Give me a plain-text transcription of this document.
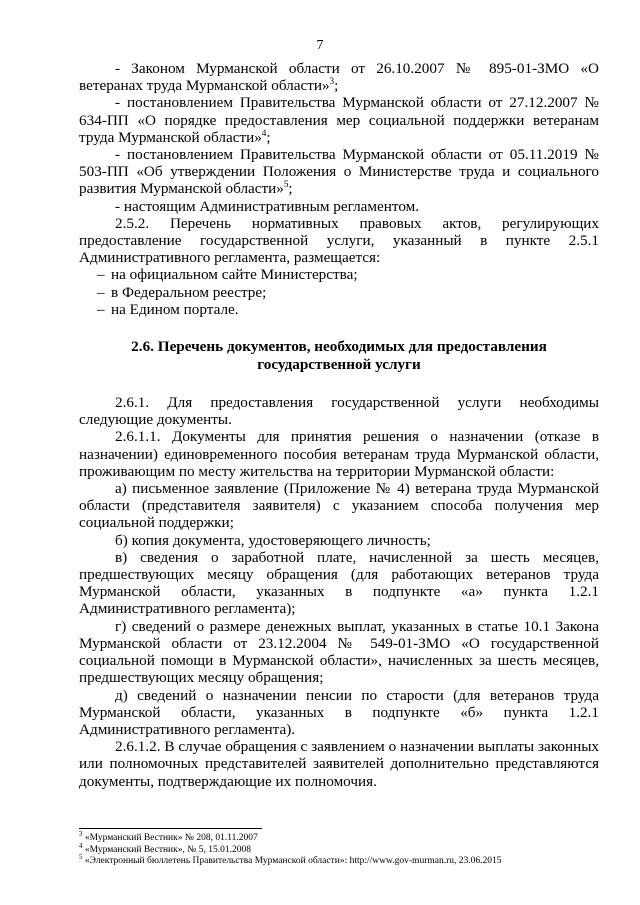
7

- Законом Мурманской области от 26.10.2007 № 895-01-ЗМО «О ветеранах труда Мурманской области»$^3$;

- постановлением Правительства Мурманской области от 27.12.2007 № 634-ПП «О порядке предоставления мер социальной поддержки ветеранам труда Мурманской области»$^4$;

- постановлением Правительства Мурманской области от 05.11.2019 № 503-ПП «Об утверждении Положения о Министерстве труда и социального развития Мурманской области»$^5$;

- настоящим Административным регламентом.

2.5.2. Перечень нормативных правовых актов, регулирующих предоставление государственной услуги, указанный в пункте 2.5.1 Административного регламента, размещается:

– на официальном сайте Министерства;

– в Федеральном реестре;

– на Едином портале.

2.6. Перечень документов, необходимых для предоставления
государственной услуги

2.6.1. Для предоставления государственной услуги необходимы следующие документы.

2.6.1.1. Документы для принятия решения о назначении (отказе в назначении) единовременного пособия ветеранам труда Мурманской области, проживающим по месту жительства на территории Мурманской области:

а) письменное заявление (Приложение № 4) ветерана труда Мурманской области (представителя заявителя) с указанием способа получения мер социальной поддержки;

б) копия документа, удостоверяющего личность;

в) сведения о заработной плате, начисленной за шесть месяцев, предшествующих месяцу обращения (для работающих ветеранов труда Мурманской области, указанных в подпункте «а» пункта 1.2.1 Административного регламента);

г) сведений о размере денежных выплат, указанных в статье 10.1 Закона Мурманской области от 23.12.2004 № 549-01-ЗМО «О государственной социальной помощи в Мурманской области», начисленных за шесть месяцев, предшествующих месяцу обращения;

д) сведений о назначении пенсии по старости (для ветеранов труда Мурманской области, указанных в подпункте «б» пункта 1.2.1 Административного регламента).

2.6.1.2. В случае обращения с заявлением о назначении выплаты законных или полномочных представителей заявителей дополнительно представляются документы, подтверждающие их полномочия.

$^3$ «Мурманский Вестник» № 208, 01.11.2007
$^4$ «Мурманский Вестник», № 5, 15.01.2008
$^5$ «Электронный бюллетень Правительства Мурманской области»: http://www.gov-murman.ru, 23.06.2015
